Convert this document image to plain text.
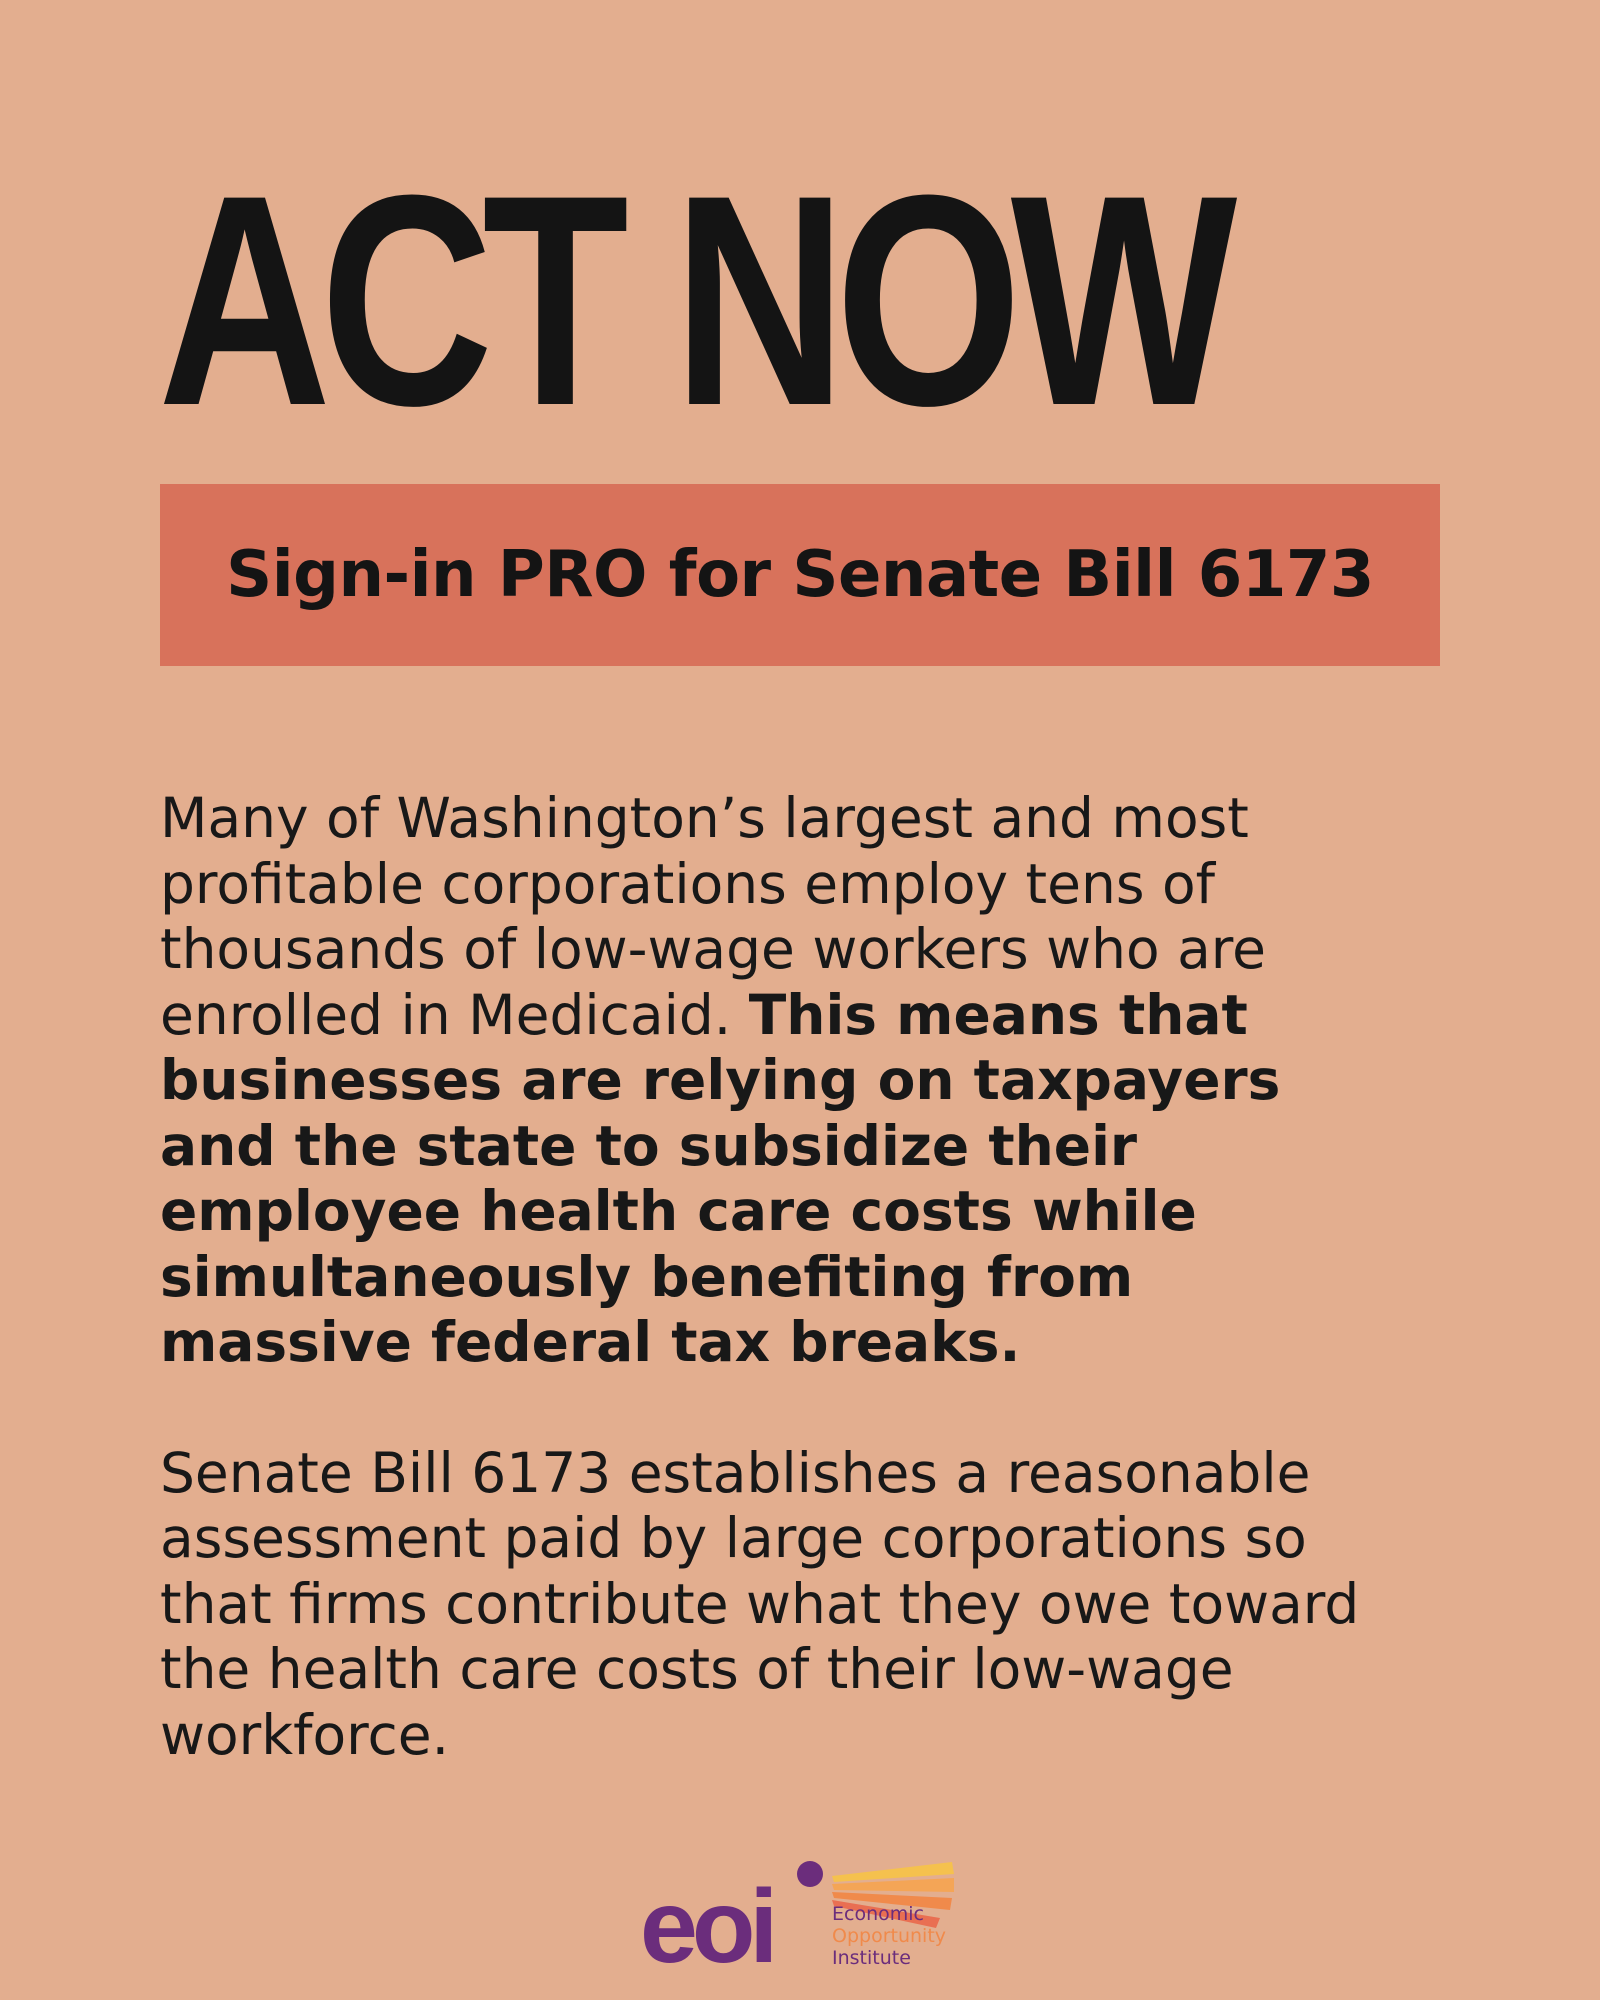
ACT NOW
Sign-in PRO for Senate Bill 6173

Many of Washington’s largest and most profitable corporations employ tens of thousands of low-wage workers who are enrolled in Medicaid. This means that businesses are relying on taxpayers and the state to subsidize their employee health care costs while simultaneously benefiting from massive federal tax breaks.

Senate Bill 6173 establishes a reasonable assessment paid by large corporations so that firms contribute what they owe toward the health care costs of their low-wage workforce.

eoi	Economic
Opportunity
Institute
